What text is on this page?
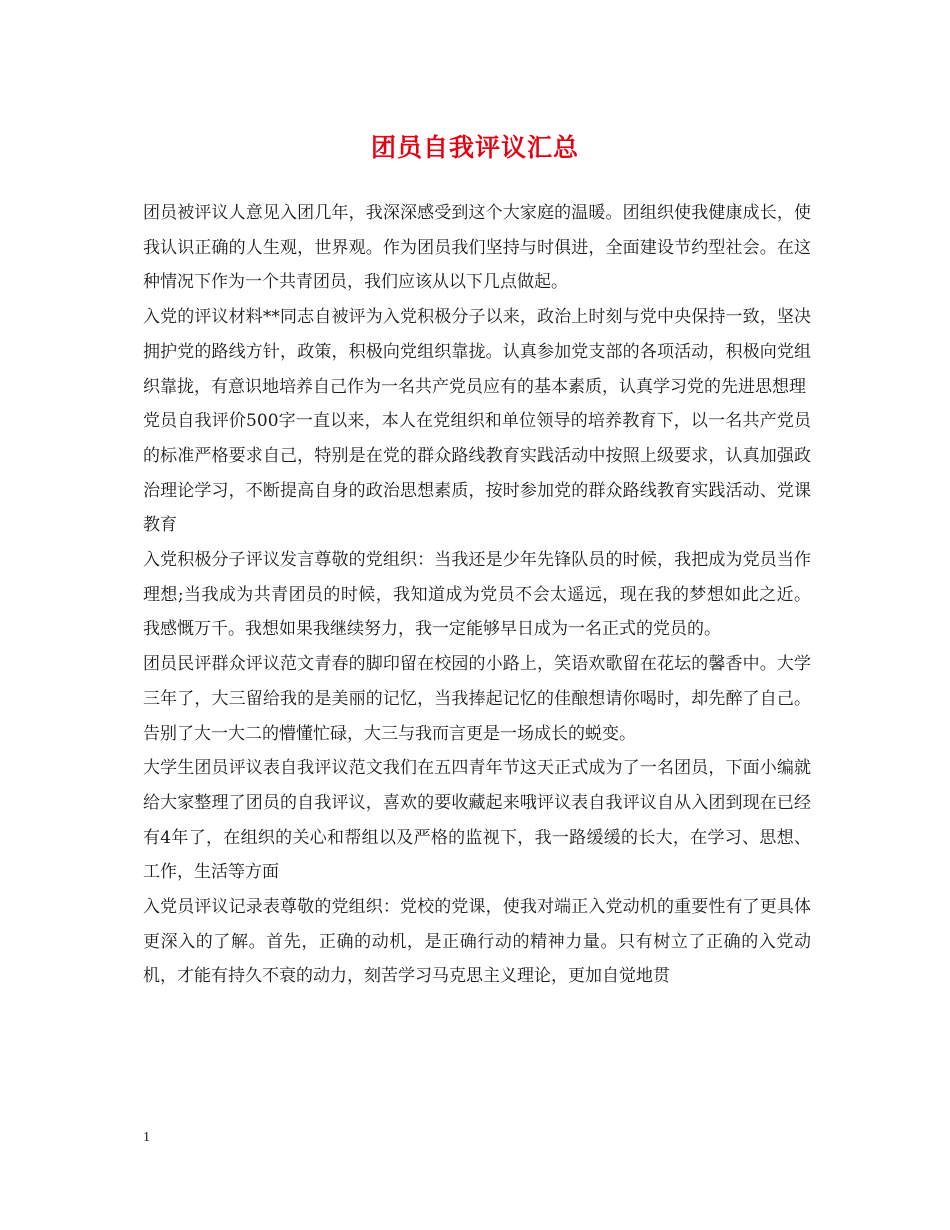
团员自我评议汇总

团员被评议人意见入团几年，我深深感受到这个大家庭的温暖。团组织使我健康成长，使我认识正确的人生观，世界观。作为团员我们坚持与时俱进，全面建设节约型社会。在这种情况下作为一个共青团员，我们应该从以下几点做起。

入党的评议材料**同志自被评为入党积极分子以来，政治上时刻与党中央保持一致，坚决拥护党的路线方针，政策，积极向党组织靠拢。认真参加党支部的各项活动，积极向党组织靠拢，有意识地培养自己作为一名共产党员应有的基本素质，认真学习党的先进思想理

党员自我评价500字一直以来，本人在党组织和单位领导的培养教育下，以一名共产党员的标准严格要求自己，特别是在党的群众路线教育实践活动中按照上级要求，认真加强政治理论学习，不断提高自身的政治思想素质，按时参加党的群众路线教育实践活动、党课教育

入党积极分子评议发言尊敬的党组织：当我还是少年先锋队员的时候，我把成为党员当作理想;当我成为共青团员的时候，我知道成为党员不会太遥远，现在我的梦想如此之近。我感慨万千。我想如果我继续努力，我一定能够早日成为一名正式的党员的。

团员民评群众评议范文青春的脚印留在校园的小路上，笑语欢歌留在花坛的馨香中。大学三年了，大三留给我的是美丽的记忆，当我捧起记忆的佳酿想请你喝时，却先醉了自己。告别了大一大二的懵懂忙碌，大三与我而言更是一场成长的蜕变。

大学生团员评议表自我评议范文我们在五四青年节这天正式成为了一名团员，下面小编就给大家整理了团员的自我评议，喜欢的要收藏起来哦评议表自我评议自从入团到现在已经有4年了，在组织的关心和帮组以及严格的监视下，我一路缓缓的长大，在学习、思想、工作，生活等方面

入党员评议记录表尊敬的党组织：党校的党课，使我对端正入党动机的重要性有了更具体更深入的了解。首先，正确的动机，是正确行动的精神力量。只有树立了正确的入党动机，才能有持久不衰的动力，刻苦学习马克思主义理论，更加自觉地贯

1
